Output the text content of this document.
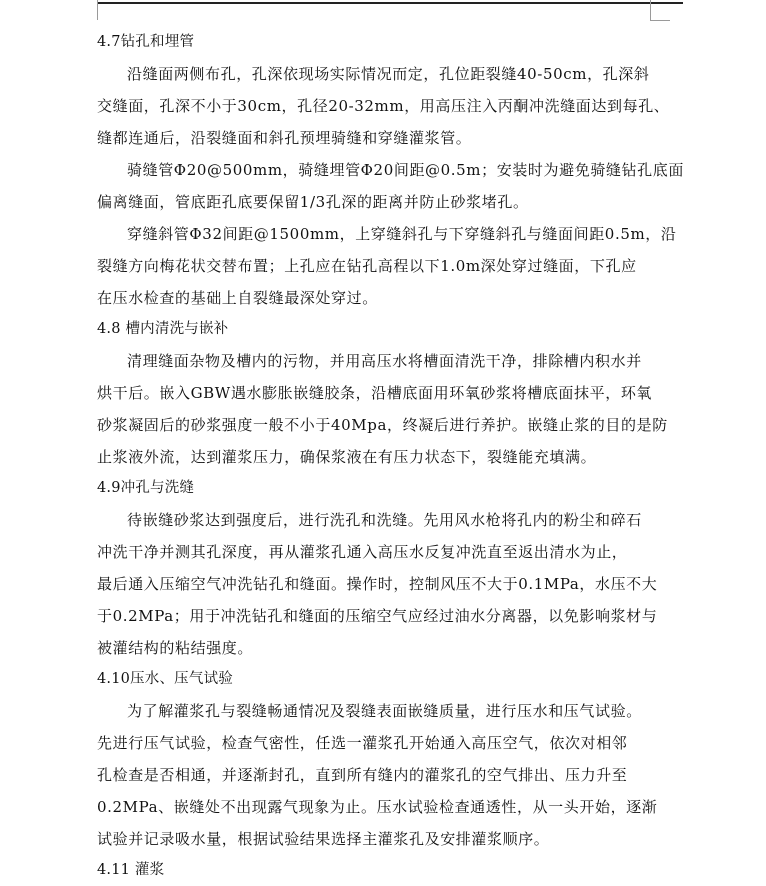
4.7钻孔和埋管
沿缝面两侧布孔，孔深依现场实际情况而定，孔位距裂缝40-50cm，孔深斜
交缝面，孔深不小于30cm，孔径20-32mm，用高压注入丙酮冲洗缝面达到每孔、
缝都连通后，沿裂缝面和斜孔预埋骑缝和穿缝灌浆管。
骑缝管Φ20@500mm，骑缝埋管Φ20间距@0.5m；安装时为避免骑缝钻孔底面
偏离缝面，管底距孔底要保留1/3孔深的距离并防止砂浆堵孔。
穿缝斜管Φ32间距@1500mm，上穿缝斜孔与下穿缝斜孔与缝面间距0.5m，沿
裂缝方向梅花状交替布置；上孔应在钻孔高程以下1.0m深处穿过缝面，下孔应
在压水检查的基础上自裂缝最深处穿过。
4.8 槽内清洗与嵌补
清理缝面杂物及槽内的污物，并用高压水将槽面清洗干净，排除槽内积水并
烘干后。嵌入GBW遇水膨胀嵌缝胶条，沿槽底面用环氧砂浆将槽底面抹平，环氧
砂浆凝固后的砂浆强度一般不小于40Mpa，终凝后进行养护。嵌缝止浆的目的是防
止浆液外流，达到灌浆压力，确保浆液在有压力状态下，裂缝能充填满。
4.9冲孔与洗缝
待嵌缝砂浆达到强度后，进行洗孔和洗缝。先用风水枪将孔内的粉尘和碎石
冲洗干净并测其孔深度，再从灌浆孔通入高压水反复冲洗直至返出清水为止，
最后通入压缩空气冲洗钻孔和缝面。操作时，控制风压不大于0.1MPa，水压不大
于0.2MPa；用于冲洗钻孔和缝面的压缩空气应经过油水分离器，以免影响浆材与
被灌结构的粘结强度。
4.10压水、压气试验
为了解灌浆孔与裂缝畅通情况及裂缝表面嵌缝质量，进行压水和压气试验。
先进行压气试验，检查气密性，任选一灌浆孔开始通入高压空气，依次对相邻
孔检查是否相通，并逐渐封孔，直到所有缝内的灌浆孔的空气排出、压力升至
0.2MPa、嵌缝处不出现露气现象为止。压水试验检查通透性，从一头开始，逐渐
试验并记录吸水量，根据试验结果选择主灌浆孔及安排灌浆顺序。
4.11 灌浆
